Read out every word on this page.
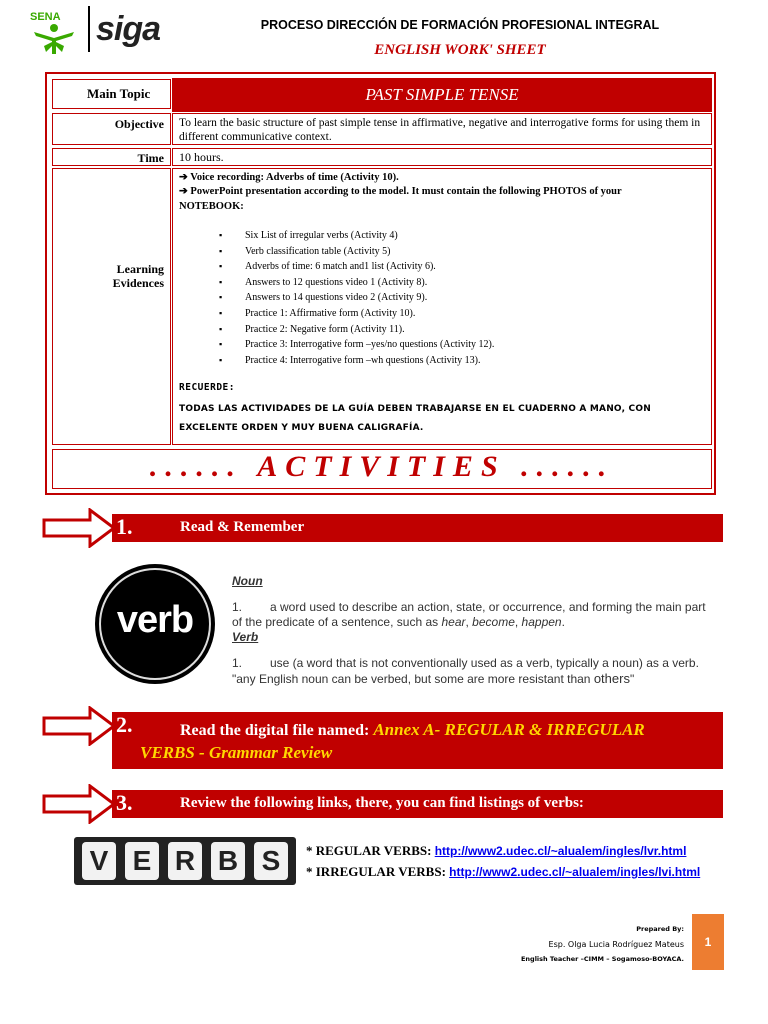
SENA siga	PROCESO DIRECCIÓN DE FORMACIÓN PROFESIONAL INTEGRAL
ENGLISH WORK' SHEET
Main Topic	PAST SIMPLE TENSE
Objective	To learn the basic structure of past simple tense in affirmative, negative and interrogative forms for using them in different communicative context.
Time	10 hours.
Learning
Evidences
➔ Voice recording: Adverbs of time (Activity 10).
➔ PowerPoint presentation according to the model. It must contain the following PHOTOS of your
NOTEBOOK:
▪ Six List of irregular verbs (Activity 4)
▪ Verb classification table (Activity 5)
▪ Adverbs of time: 6 match and1 list (Activity 6).
▪ Answers to 12 questions video 1 (Activity 8).
▪ Answers to 14 questions video 2 (Activity 9).
▪ Practice 1: Affirmative form (Activity 10).
▪ Practice 2: Negative form (Activity 11).
▪ Practice 3: Interrogative form –yes/no questions (Activity 12).
▪ Practice 4: Interrogative form –wh questions (Activity 13).
RECUERDE:
TODAS LAS ACTIVIDADES DE LA GUÍA DEBEN TRABAJARSE EN EL CUADERNO A MANO, CON
EXCELENTE ORDEN Y MUY BUENA CALIGRAFÍA.
...... ACTIVITIES ......
1.	Read & Remember
verb
Noun
1. a word used to describe an action, state, or occurrence, and forming the main part of the predicate of a sentence, such as hear, become, happen.
Verb
1. use (a word that is not conventionally used as a verb, typically a noun) as a verb.
"any English noun can be verbed, but some are more resistant than others"
2.	Read the digital file named: Annex A- REGULAR & IRREGULAR
VERBS - Grammar Review
3.	Review the following links, there, you can find listings of verbs:
V E R B S	* REGULAR VERBS: http://www2.udec.cl/~alualem/ingles/lvr.html
* IRREGULAR VERBS: http://www2.udec.cl/~alualem/ingles/lvi.html
Prepared By:
Esp. Olga Lucia Rodríguez Mateus
English Teacher –CIMM – Sogamoso-BOYACA.
1
